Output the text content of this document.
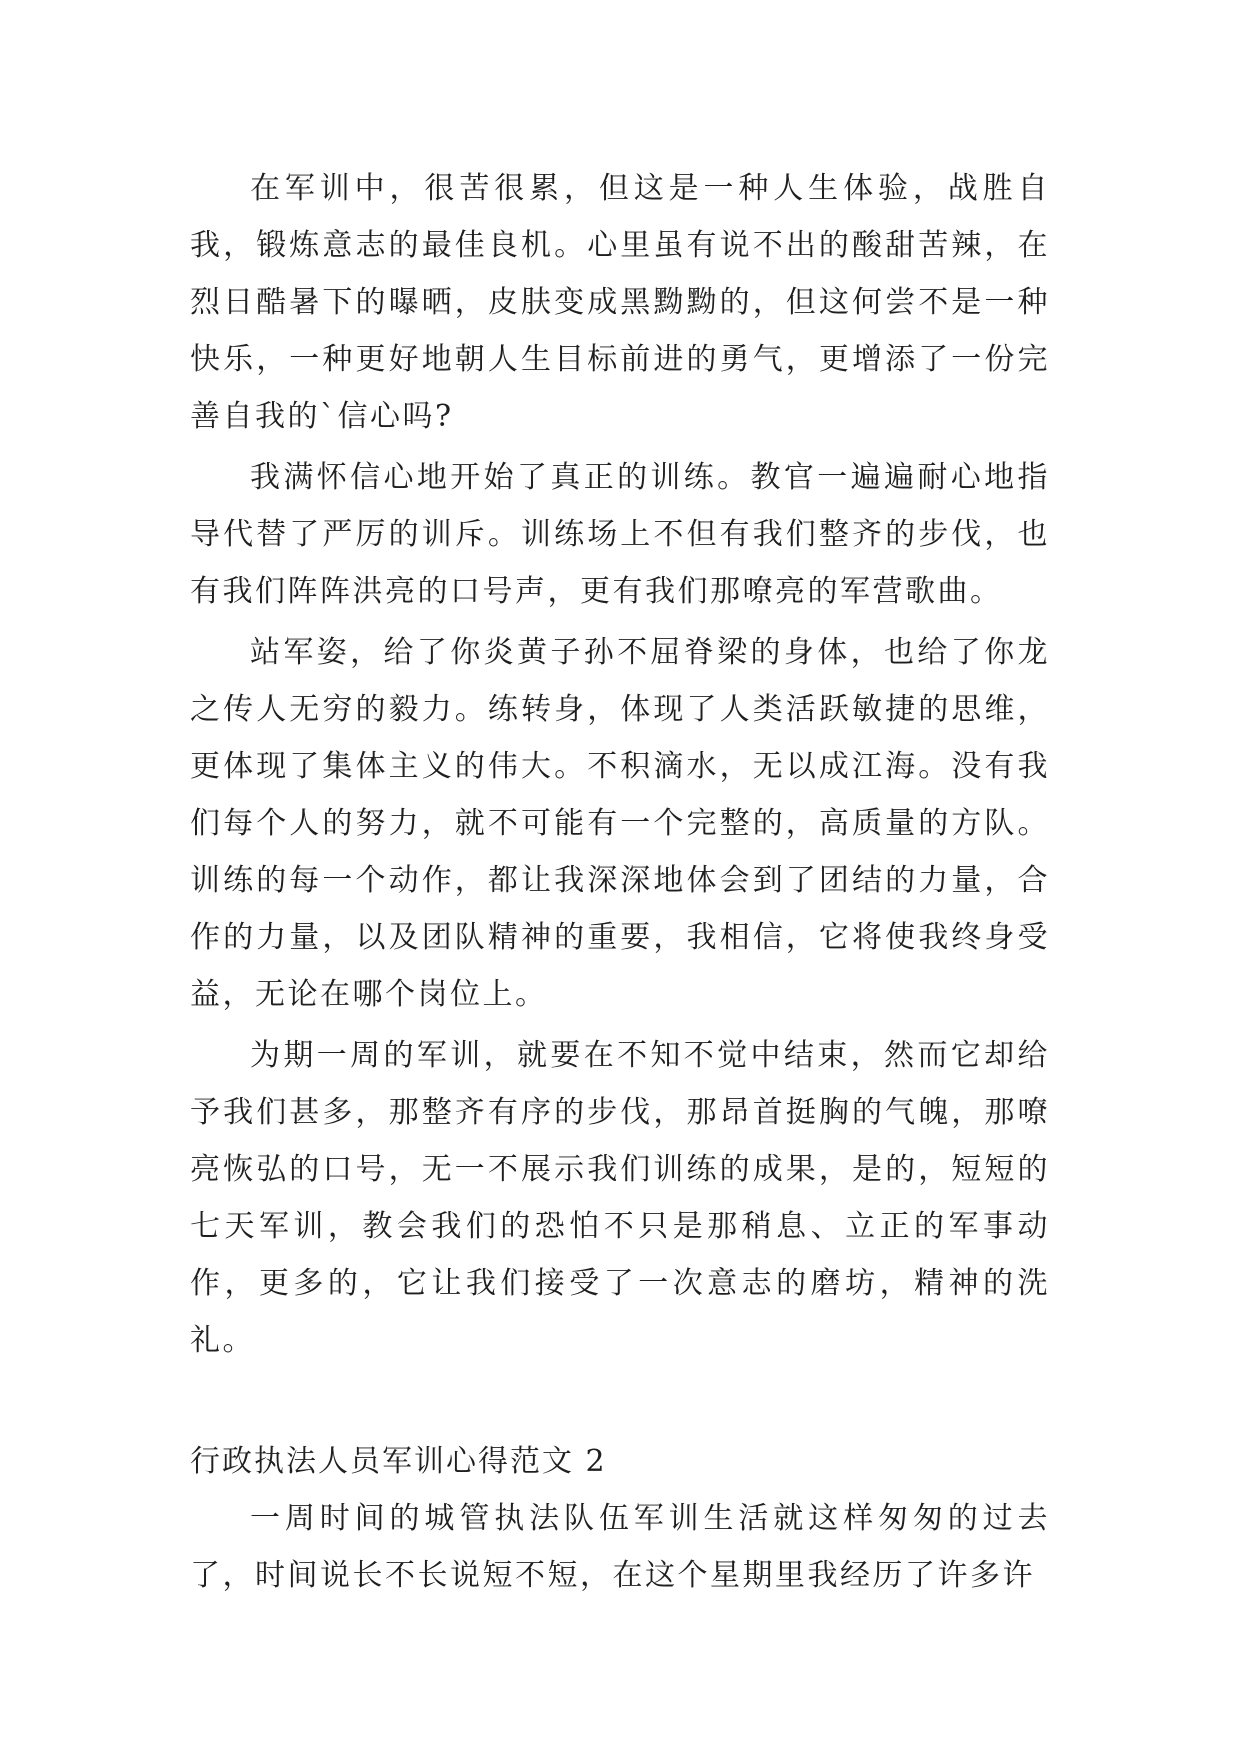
在军训中，很苦很累，但这是一种人生体验，战胜自我，锻炼意志的最佳良机。心里虽有说不出的酸甜苦辣，在烈日酷暑下的曝晒，皮肤变成黑黝黝的，但这何尝不是一种快乐，一种更好地朝人生目标前进的勇气，更增添了一份完善自我的`信心吗?

我满怀信心地开始了真正的训练。教官一遍遍耐心地指导代替了严厉的训斥。训练场上不但有我们整齐的步伐，也有我们阵阵洪亮的口号声，更有我们那嘹亮的军营歌曲。

站军姿，给了你炎黄子孙不屈脊梁的身体，也给了你龙之传人无穷的毅力。练转身，体现了人类活跃敏捷的思维，更体现了集体主义的伟大。不积滴水，无以成江海。没有我们每个人的努力，就不可能有一个完整的，高质量的方队。训练的每一个动作，都让我深深地体会到了团结的力量，合作的力量，以及团队精神的重要，我相信，它将使我终身受益，无论在哪个岗位上。

为期一周的军训，就要在不知不觉中结束，然而它却给予我们甚多，那整齐有序的步伐，那昂首挺胸的气魄，那嘹亮恢弘的口号，无一不展示我们训练的成果，是的，短短的七天军训，教会我们的恐怕不只是那稍息、立正的军事动作，更多的，它让我们接受了一次意志的磨坊，精神的洗礼。

行政执法人员军训心得范文 2

一周时间的城管执法队伍军训生活就这样匆匆的过去了，时间说长不长说短不短，在这个星期里我经历了许多许
